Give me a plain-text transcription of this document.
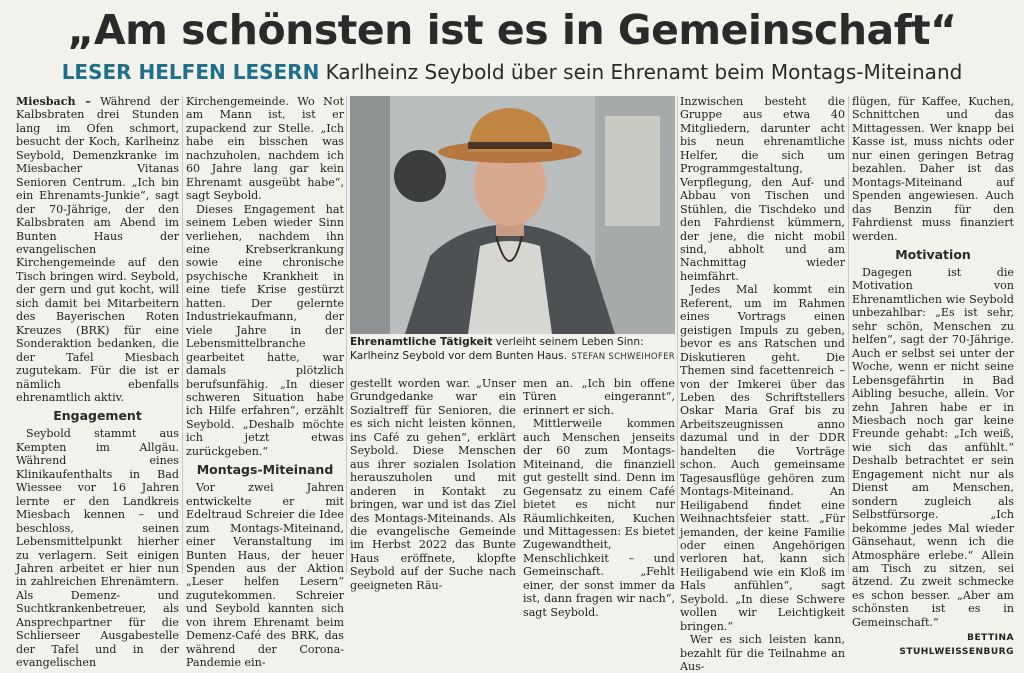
„Am schönsten ist es in Gemeinschaft“
LESER HELFEN LESERN Karlheinz Seybold über sein Ehrenamt beim Montags-Miteinand

Miesbach – Während der Kalbsbraten drei Stunden lang im Ofen schmort, besucht der Koch, Karlheinz Seybold, Demenzkranke im Miesbacher Vitanas Senioren Centrum. „Ich bin ein Ehrenamts-Junkie“, sagt der 70-Jährige, der den Kalbsbraten am Abend im Bunten Haus der evangelischen Kirchengemeinde auf den Tisch bringen wird. Seybold, der gern und gut kocht, will sich damit bei Mitarbeitern des Bayerischen Roten Kreuzes (BRK) für eine Sonderaktion bedanken, die der Tafel Miesbach zugutekam. Für die ist er nämlich ebenfalls ehrenamtlich aktiv.

Engagement

Seybold stammt aus Kempten im Allgäu. Während eines Klinikaufenthalts in Bad Wiessee vor 16 Jahren lernte er den Landkreis Miesbach kennen – und beschloss, seinen Lebensmittelpunkt hierher zu verlagern. Seit einigen Jahren arbeitet er hier nun in zahlreichen Ehrenämtern. Als Demenz- und Suchtkrankenbetreuer, als Ansprechpartner für die Schlierseer Ausgabestelle der Tafel und in der evangelischen

Kirchengemeinde. Wo Not am Mann ist, ist er zupackend zur Stelle. „Ich habe ein bisschen was nachzuholen, nachdem ich 60 Jahre lang gar kein Ehrenamt ausgeübt habe“, sagt Seybold.

Dieses Engagement hat seinem Leben wieder Sinn verliehen, nachdem ihn eine Krebserkrankung sowie eine chronische psychische Krankheit in eine tiefe Krise gestürzt hatten. Der gelernte Industriekaufmann, der viele Jahre in der Lebensmittelbranche gearbeitet hatte, war damals plötzlich berufsunfähig. „In dieser schweren Situation habe ich Hilfe erfahren“, erzählt Seybold. „Deshalb möchte ich jetzt etwas zurückgeben.“

Montags-Miteinand

Vor zwei Jahren entwickelte er mit Edeltraud Schreier die Idee zum Montags-Miteinand, einer Veranstaltung im Bunten Haus, der heuer Spenden aus der Aktion „Leser helfen Lesern“ zugutekommen. Schreier und Seybold kannten sich von ihrem Ehrenamt beim Demenz-Café des BRK, das während der Corona-Pandemie ein-

Ehrenamtliche Tätigkeit verleiht seinem Leben Sinn: Karlheinz Seybold vor dem Bunten Haus. STEFAN SCHWEIHOFER

gestellt worden war. „Unser Grundgedanke war ein Sozialtreff für Senioren, die es sich nicht leisten können, ins Café zu gehen“, erklärt Seybold. Diese Menschen aus ihrer sozialen Isolation herauszuholen und mit anderen in Kontakt zu bringen, war und ist das Ziel des Montags-Miteinands. Als die evangelische Gemeinde im Herbst 2022 das Bunte Haus eröffnete, klopfte Seybold auf der Suche nach geeigneten Räu-

men an. „Ich bin offene Türen eingerannt“, erinnert er sich.

Mittlerweile kommen auch Menschen jenseits der 60 zum Montags-Miteinand, die finanziell gut gestellt sind. Denn im Gegensatz zu einem Café bietet es nicht nur Räumlichkeiten, Kuchen und Mittagessen: Es bietet Zugewandtheit, Menschlichkeit – und Gemeinschaft. „Fehlt einer, der sonst immer da ist, dann fragen wir nach“, sagt Seybold.

Inzwischen besteht die Gruppe aus etwa 40 Mitgliedern, darunter acht bis neun ehrenamtliche Helfer, die sich um Programmgestaltung, Verpflegung, den Auf- und Abbau von Tischen und Stühlen, die Tischdeko und den Fahrdienst kümmern, der jene, die nicht mobil sind, abholt und am Nachmittag wieder heimfährt.

Jedes Mal kommt ein Referent, um im Rahmen eines Vortrags einen geistigen Impuls zu geben, bevor es ans Ratschen und Diskutieren geht. Die Themen sind facettenreich – von der Imkerei über das Leben des Schriftstellers Oskar Maria Graf bis zu Arbeitszeugnissen anno dazumal und in der DDR handelten die Vorträge schon. Auch gemeinsame Tagesausflüge gehören zum Montags-Miteinand. An Heiligabend findet eine Weihnachtsfeier statt. „Für jemanden, der keine Familie oder einen Angehörigen verloren hat, kann sich Heiligabend wie ein Kloß im Hals anfühlen“, sagt Seybold. „In diese Schwere wollen wir Leichtigkeit bringen.“

Wer es sich leisten kann, bezahlt für die Teilnahme an Aus-

flügen, für Kaffee, Kuchen, Schnittchen und das Mittagessen. Wer knapp bei Kasse ist, muss nichts oder nur einen geringen Betrag bezahlen. Daher ist das Montags-Miteinand auf Spenden angewiesen. Auch das Benzin für den Fahrdienst muss finanziert werden.

Motivation

Dagegen ist die Motivation von Ehrenamtlichen wie Seybold unbezahlbar: „Es ist sehr, sehr schön, Menschen zu helfen“, sagt der 70-Jährige. Auch er selbst sei unter der Woche, wenn er nicht seine Lebensgefährtin in Bad Aibling besuche, allein. Vor zehn Jahren habe er in Miesbach noch gar keine Freunde gehabt: „Ich weiß, wie sich das anfühlt.“ Deshalb betrachtet er sein Engagement nicht nur als Dienst am Menschen, sondern zugleich als Selbstfürsorge. „Ich bekomme jedes Mal wieder Gänsehaut, wenn ich die Atmosphäre erlebe.“ Allein am Tisch zu sitzen, sei ätzend. Zu zweit schmecke es schon besser. „Aber am schönsten ist es in Gemeinschaft.“

BETTINA STUHLWEISSENBURG
